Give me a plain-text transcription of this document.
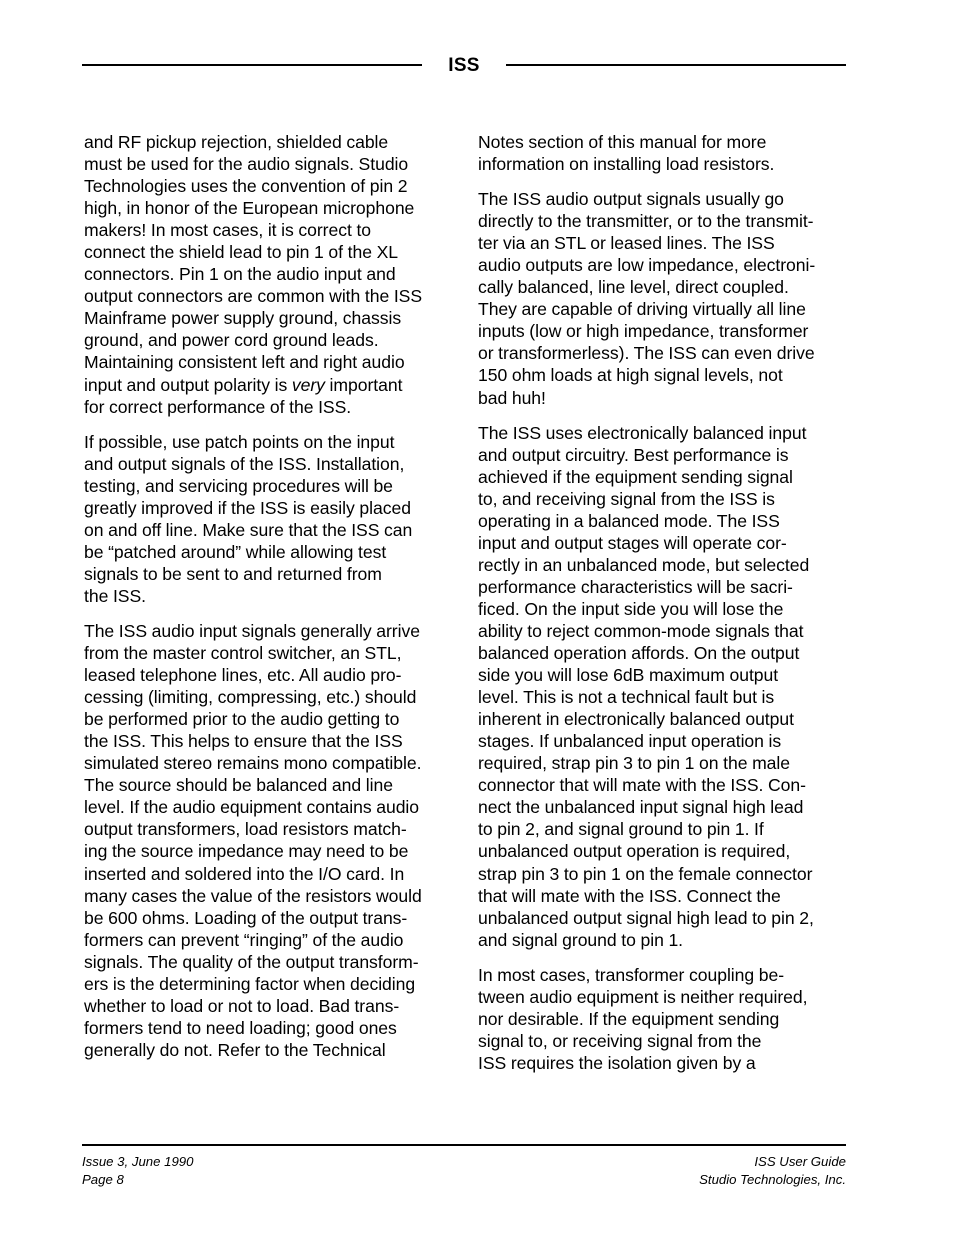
ISS

and RF pickup rejection, shielded cable
must be used for the audio signals. Studio
Technologies uses the convention of pin 2
high, in honor of the European microphone
makers! In most cases, it is correct to
connect the shield lead to pin 1 of the XL
connectors. Pin 1 on the audio input and
output connectors are common with the ISS
Mainframe power supply ground, chassis
ground, and power cord ground leads.
Maintaining consistent left and right audio
input and output polarity is very important
for correct performance of the ISS.

If possible, use patch points on the input
and output signals of the ISS. Installation,
testing, and servicing procedures will be
greatly improved if the ISS is easily placed
on and off line. Make sure that the ISS can
be “patched around” while allowing test
signals to be sent to and returned from
the ISS.

The ISS audio input signals generally arrive
from the master control switcher, an STL,
leased telephone lines, etc. All audio pro-
cessing (limiting, compressing, etc.) should
be performed prior to the audio getting to
the ISS. This helps to ensure that the ISS
simulated stereo remains mono compatible.
The source should be balanced and line
level. If the audio equipment contains audio
output transformers, load resistors match-
ing the source impedance may need to be
inserted and soldered into the I/O card. In
many cases the value of the resistors would
be 600 ohms. Loading of the output trans-
formers can prevent “ringing” of the audio
signals. The quality of the output transform-
ers is the determining factor when deciding
whether to load or not to load. Bad trans-
formers tend to need loading; good ones
generally do not. Refer to the Technical

Notes section of this manual for more
information on installing load resistors.

The ISS audio output signals usually go
directly to the transmitter, or to the transmit-
ter via an STL or leased lines. The ISS
audio outputs are low impedance, electroni-
cally balanced, line level, direct coupled.
They are capable of driving virtually all line
inputs (low or high impedance, transformer
or transformerless). The ISS can even drive
150 ohm loads at high signal levels, not
bad huh!

The ISS uses electronically balanced input
and output circuitry. Best performance is
achieved if the equipment sending signal
to, and receiving signal from the ISS is
operating in a balanced mode. The ISS
input and output stages will operate cor-
rectly in an unbalanced mode, but selected
performance characteristics will be sacri-
ficed. On the input side you will lose the
ability to reject common-mode signals that
balanced operation affords. On the output
side you will lose 6dB maximum output
level. This is not a technical fault but is
inherent in electronically balanced output
stages. If unbalanced input operation is
required, strap pin 3 to pin 1 on the male
connector that will mate with the ISS. Con-
nect the unbalanced input signal high lead
to pin 2, and signal ground to pin 1. If
unbalanced output operation is required,
strap pin 3 to pin 1 on the female connector
that will mate with the ISS. Connect the
unbalanced output signal high lead to pin 2,
and signal ground to pin 1.

In most cases, transformer coupling be-
tween audio equipment is neither required,
nor desirable. If the equipment sending
signal to, or receiving signal from the
ISS requires the isolation given by a

Issue 3, June 1990
Page 8
ISS User Guide
Studio Technologies, Inc.
